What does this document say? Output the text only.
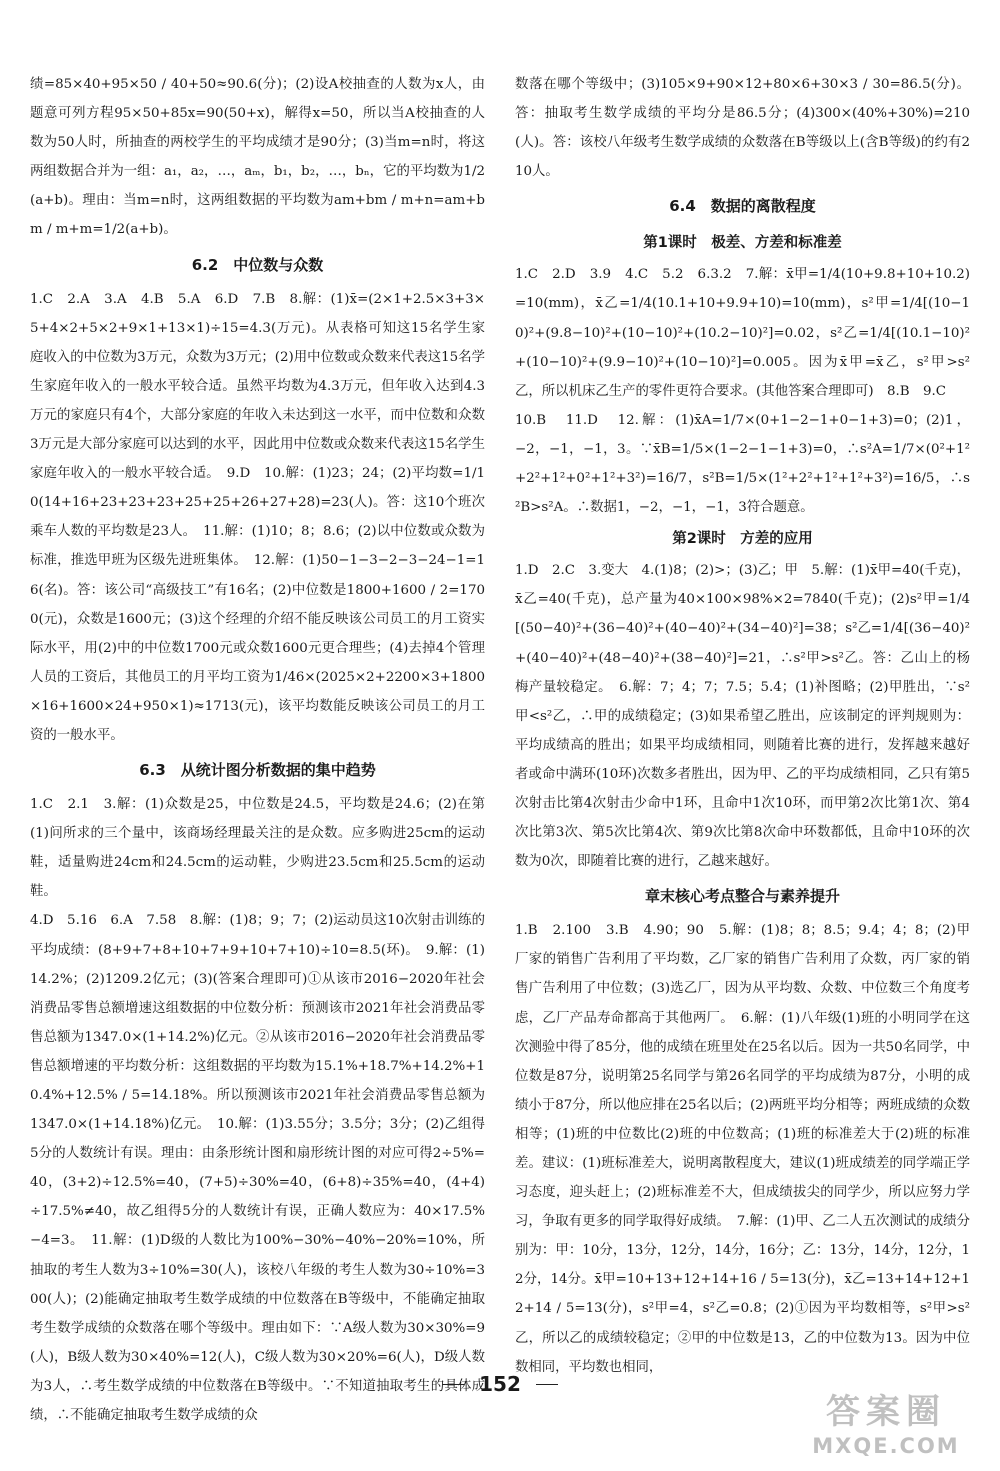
绩=85×40+95×50 / 40+50≈90.6(分)；(2)设A校抽查的人数为x人，由题意可列方程95×50+85x=90(50+x)，解得x=50，所以当A校抽查的人数为50人时，所抽查的两校学生的平均成绩才是90分；(3)当m=n时，将这两组数据合并为一组：a₁，a₂，…，aₘ，b₁，b₂，…，bₙ，它的平均数为1/2(a+b)。理由：当m=n时，这两组数据的平均数为am+bm / m+n=am+bm / m+m=1/2(a+b)。

6.2　中位数与众数

1.C　2.A　3.A　4.B　5.A　6.D　7.B　8.解：(1)x̄=(2×1+2.5×3+3×5+4×2+5×2+9×1+13×1)÷15=4.3(万元)。从表格可知这15名学生家庭收入的中位数为3万元，众数为3万元；(2)用中位数或众数来代表这15名学生家庭年收入的一般水平较合适。虽然平均数为4.3万元，但年收入达到4.3万元的家庭只有4个，大部分家庭的年收入未达到这一水平，而中位数和众数3万元是大部分家庭可以达到的水平，因此用中位数或众数来代表这15名学生家庭年收入的一般水平较合适。　9.D　10.解：(1)23；24；(2)平均数=1/10(14+16+23+23+23+25+25+26+27+28)=23(人)。答：这10个班次乘车人数的平均数是23人。　11.解：(1)10；8；8.6；(2)以中位数或众数为标准，推选甲班为区级先进班集体。　12.解：(1)50−1−3−2−3−24−1=16(名)。答：该公司“高级技工”有16名；(2)中位数是1800+1600 / 2=1700(元)，众数是1600元；(3)这个经理的介绍不能反映该公司员工的月工资实际水平，用(2)中的中位数1700元或众数1600元更合理些；(4)去掉4个管理人员的工资后，其他员工的月平均工资为1/46×(2025×2+2200×3+1800×16+1600×24+950×1)≈1713(元)，该平均数能反映该公司员工的月工资的一般水平。

6.3　从统计图分析数据的集中趋势

1.C　2.1　3.解：(1)众数是25，中位数是24.5，平均数是24.6；(2)在第(1)问所求的三个量中，该商场经理最关注的是众数。应多购进25cm的运动鞋，适量购进24cm和24.5cm的运动鞋，少购进23.5cm和25.5cm的运动鞋。
4.D　5.16　6.A　7.58　8.解：(1)8；9；7；(2)运动员这10次射击训练的平均成绩：(8+9+7+8+10+7+9+10+7+10)÷10=8.5(环)。　9.解：(1)14.2%；(2)1209.2亿元；(3)(答案合理即可)①从该市2016−2020年社会消费品零售总额增速这组数据的中位数分析：预测该市2021年社会消费品零售总额为1347.0×(1+14.2%)亿元。②从该市2016−2020年社会消费品零售总额增速的平均数分析：这组数据的平均数为15.1%+18.7%+14.2%+10.4%+12.5% / 5=14.18%。所以预测该市2021年社会消费品零售总额为1347.0×(1+14.18%)亿元。　10.解：(1)3.55分；3.5分；3分；(2)乙组得5分的人数统计有误。理由：由条形统计图和扇形统计图的对应可得2÷5%=40，(3+2)÷12.5%=40，(7+5)÷30%=40，(6+8)÷35%=40，(4+4)÷17.5%≠40，故乙组得5分的人数统计有误，正确人数应为：40×17.5%−4=3。　11.解：(1)D级的人数比为100%−30%−40%−20%=10%，所抽取的考生人数为3÷10%=30(人)，该校八年级的考生人数为30÷10%=300(人)；(2)能确定抽取考生数学成绩的中位数落在B等级中，不能确定抽取考生数学成绩的众数落在哪个等级中。理由如下：∵A级人数为30×30%=9(人)，B级人数为30×40%=12(人)，C级人数为30×20%=6(人)，D级人数为3人，∴考生数学成绩的中位数落在B等级中。∵不知道抽取考生的具体成绩，∴不能确定抽取考生数学成绩的众

数落在哪个等级中；(3)105×9+90×12+80×6+30×3 / 30=86.5(分)。答：抽取考生数学成绩的平均分是86.5分；(4)300×(40%+30%)=210(人)。答：该校八年级考生数学成绩的众数落在B等级以上(含B等级)的约有210人。

6.4　数据的离散程度
第1课时　极差、方差和标准差

1.C　2.D　3.9　4.C　5.2　6.3.2　7.解：x̄甲=1/4(10+9.8+10+10.2)=10(mm)，x̄乙=1/4(10.1+10+9.9+10)=10(mm)，s²甲=1/4[(10−10)²+(9.8−10)²+(10−10)²+(10.2−10)²]=0.02，s²乙=1/4[(10.1−10)²+(10−10)²+(9.9−10)²+(10−10)²]=0.005。因为x̄甲=x̄乙，s²甲>s²乙，所以机床乙生产的零件更符合要求。(其他答案合理即可)　8.B　9.C
10.B　11.D　12.解：(1)x̄A=1/7×(0+1−2−1+0−1+3)=0；(2)1，−2，−1，−1，3。∵x̄B=1/5×(1−2−1−1+3)=0，∴s²A=1/7×(0²+1²+2²+1²+0²+1²+3²)=16/7，s²B=1/5×(1²+2²+1²+1²+3²)=16/5，∴s²B>s²A。∴数据1，−2，−1，−1，3符合题意。

第2课时　方差的应用

1.D　2.C　3.变大　4.(1)8；(2)>；(3)乙；甲　5.解：(1)x̄甲=40(千克)，x̄乙=40(千克)，总产量为40×100×98%×2=7840(千克)；(2)s²甲=1/4[(50−40)²+(36−40)²+(40−40)²+(34−40)²]=38；s²乙=1/4[(36−40)²+(40−40)²+(48−40)²+(38−40)²]=21，∴s²甲>s²乙。答：乙山上的杨梅产量较稳定。　6.解：7；4；7；7.5；5.4；(1)补图略；(2)甲胜出，∵s²甲<s²乙，∴甲的成绩稳定；(3)如果希望乙胜出，应该制定的评判规则为：平均成绩高的胜出；如果平均成绩相同，则随着比赛的进行，发挥越来越好者或命中满环(10环)次数多者胜出，因为甲、乙的平均成绩相同，乙只有第5次射击比第4次射击少命中1环，且命中1次10环，而甲第2次比第1次、第4次比第3次、第5次比第4次、第9次比第8次命中环数都低，且命中10环的次数为0次，即随着比赛的进行，乙越来越好。

章末核心考点整合与素养提升

1.B　2.100　3.B　4.90；90　5.解：(1)8；8；8.5；9.4；4；8；(2)甲厂家的销售广告利用了平均数，乙厂家的销售广告利用了众数，丙厂家的销售广告利用了中位数；(3)选乙厂，因为从平均数、众数、中位数三个角度考虑，乙厂产品寿命都高于其他两厂。　6.解：(1)八年级(1)班的小明同学在这次测验中得了85分，他的成绩在班里处在25名以后。因为一共50名同学，中位数是87分，说明第25名同学与第26名同学的平均成绩为87分，小明的成绩小于87分，所以他应排在25名以后；(2)两班平均分相等；两班成绩的众数相等；(1)班的中位数比(2)班的中位数高；(1)班的标准差大于(2)班的标准差。建议：(1)班标准差大，说明离散程度大，建议(1)班成绩差的同学端正学习态度，迎头赶上；(2)班标准差不大，但成绩拔尖的同学少，所以应努力学习，争取有更多的同学取得好成绩。　7.解：(1)甲、乙二人五次测试的成绩分别为：甲：10分，13分，12分，14分，16分；乙：13分，14分，12分，12分，14分。x̄甲=10+13+12+14+16 / 5=13(分)，x̄乙=13+14+12+12+14 / 5=13(分)，s²甲=4，s²乙=0.8；(2)①因为平均数相等，s²甲>s²乙，所以乙的成绩较稳定；②甲的中位数是13，乙的中位数为13。因为中位数相同，平均数也相同，

152
答案圈
MXQE.COM
